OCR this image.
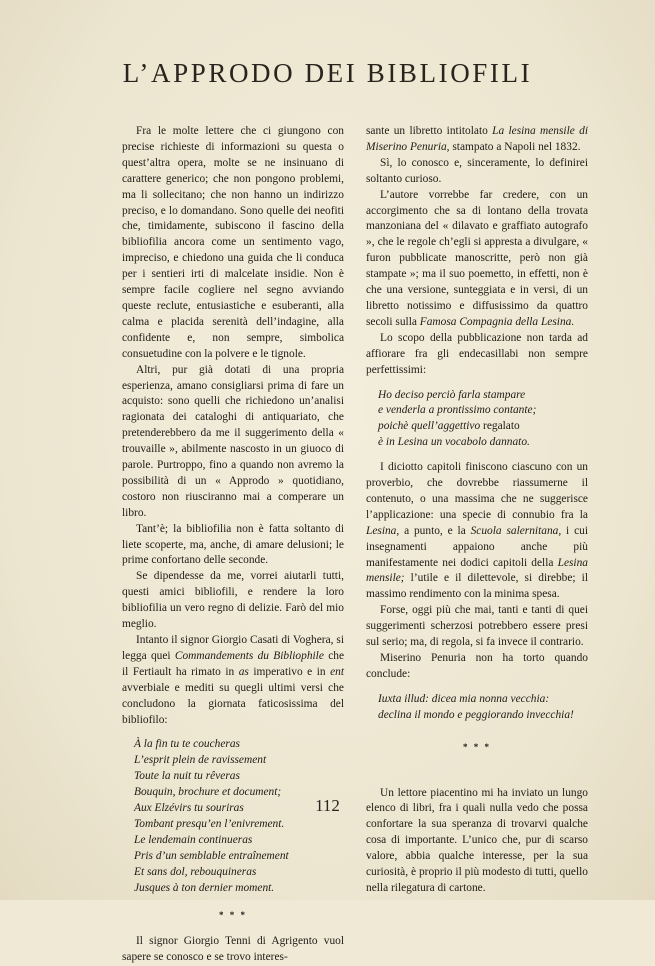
L’APPRODO DEI BIBLIOFILI

Fra le molte lettere che ci giungono con precise richieste di informazioni su questa o quest’altra opera, molte se ne insinuano di carattere generico; che non pongono problemi, ma li sollecitano; che non hanno un indirizzo preciso, e lo domandano. Sono quelle dei neofiti che, timidamente, subiscono il fascino della bibliofilia ancora come un sentimento vago, impreciso, e chiedono una guida che li conduca per i sentieri irti di malcelate insidie. Non è sempre facile cogliere nel segno avviando queste reclute, entusiastiche e esuberanti, alla calma e placida serenità dell’indagine, alla confidente e, non sempre, simbolica consuetudine con la polvere e le tignole.

Altri, pur già dotati di una propria esperienza, amano consigliarsi prima di fare un acquisto: sono quelli che richiedono un’analisi ragionata dei cataloghi di antiquariato, che pretenderebbero da me il suggerimento della « trouvaille », abilmente nascosto in un giuoco di parole. Purtroppo, fino a quando non avremo la possibilità di un « Approdo » quotidiano, costoro non riusciranno mai a comperare un libro.

Tant’è; la bibliofilia non è fatta soltanto di liete scoperte, ma, anche, di amare delusioni; le prime confortano delle seconde.

Se dipendesse da me, vorrei aiutarli tutti, questi amici bibliofili, e rendere la loro bibliofilia un vero regno di delizie. Farò del mio meglio.

Intanto il signor Giorgio Casati di Voghera, si legga quei Commandements du Bibliophile che il Fertiault ha rimato in as imperativo e in ent avverbiale e mediti su quegli ultimi versi che concludono la giornata faticosissima del bibliofilo:

À la fin tu te coucheras
L’esprit plein de ravissement
Toute la nuit tu rêveras
Bouquin, brochure et document;
Aux Elzévirs tu souriras
Tombant presqu’en l’enivrement.
Le lendemain continueras
Pris d’un semblable entraînement
Et sans dol, rebouquineras
Jusques à ton dernier moment.
* * *

Il signor Giorgio Tenni di Agrigento vuol sapere se conosco e se trovo interes-

sante un libretto intitolato La lesina mensile di Miserino Penuria, stampato a Napoli nel 1832.

Sì, lo conosco e, sinceramente, lo definirei soltanto curioso.

L’autore vorrebbe far credere, con un accorgimento che sa di lontano della trovata manzoniana del « dilavato e graffiato autografo », che le regole ch’egli si appresta a divulgare, « furon pubblicate manoscritte, però non già stampate »; ma il suo poemetto, in effetti, non è che una versione, sunteggiata e in versi, di un libretto notissimo e diffusissimo da quattro secoli sulla Famosa Compagnia della Lesina.

Lo scopo della pubblicazione non tarda ad affiorare fra gli endecasillabi non sempre perfettissimi:

Ho deciso perciò farla stampare
e venderla a prontissimo contante;
poichè quell’aggettivo regalato
è in Lesina un vocabolo dannato.

I diciotto capitoli finiscono ciascuno con un proverbio, che dovrebbe riassumerne il contenuto, o una massima che ne suggerisce l’applicazione: una specie di connubio fra la Lesina, a punto, e la Scuola salernitana, i cui insegnamenti appaiono anche più manifestamente nei dodici capitoli della Lesina mensile; l’utile e il dilettevole, si direbbe; il massimo rendimento con la minima spesa.

Forse, oggi più che mai, tanti e tanti di quei suggerimenti scherzosi potrebbero essere presi sul serio; ma, di regola, si fa invece il contrario.

Miserino Penuria non ha torto quando conclude:

Iuxta illud: dicea mia nonna vecchia:
declina il mondo e peggiorando invecchia!
* * *

Un lettore piacentino mi ha inviato un lungo elenco di libri, fra i quali nulla vedo che possa confortare la sua speranza di trovarvi qualche cosa di importante. L’unico che, pur di scarso valore, abbia qualche interesse, per la sua curiosità, è proprio il più modesto di tutti, quello nella rilegatura di cartone.

112
